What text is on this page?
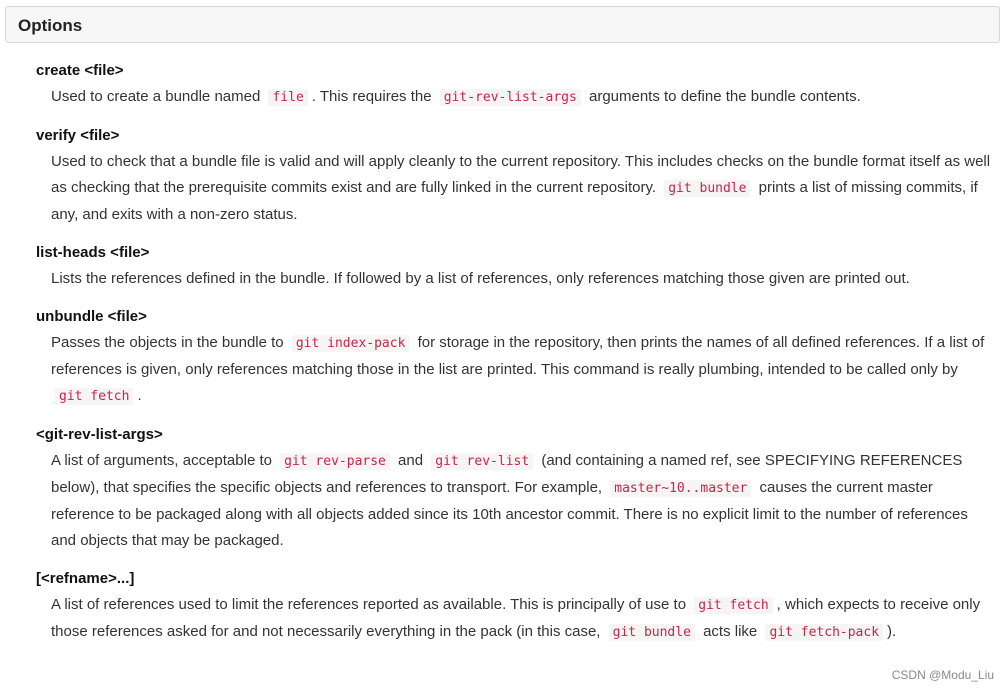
Options
create <file>
Used to create a bundle named file . This requires the git-rev-list-args arguments to define the bundle contents.
verify <file>
Used to check that a bundle file is valid and will apply cleanly to the current repository. This includes checks on the bundle format itself as well as checking that the prerequisite commits exist and are fully linked in the current repository. git bundle prints a list of missing commits, if any, and exits with a non-zero status.
list-heads <file>
Lists the references defined in the bundle. If followed by a list of references, only references matching those given are printed out.
unbundle <file>
Passes the objects in the bundle to git index-pack for storage in the repository, then prints the names of all defined references. If a list of references is given, only references matching those in the list are printed. This command is really plumbing, intended to be called only by git fetch .
<git-rev-list-args>
A list of arguments, acceptable to git rev-parse and git rev-list (and containing a named ref, see SPECIFYING REFERENCES below), that specifies the specific objects and references to transport. For example, master~10..master causes the current master reference to be packaged along with all objects added since its 10th ancestor commit. There is no explicit limit to the number of references and objects that may be packaged.
[<refname>...]
A list of references used to limit the references reported as available. This is principally of use to git fetch , which expects to receive only those references asked for and not necessarily everything in the pack (in this case, git bundle acts like git fetch-pack ).
CSDN @Modu_Liu
